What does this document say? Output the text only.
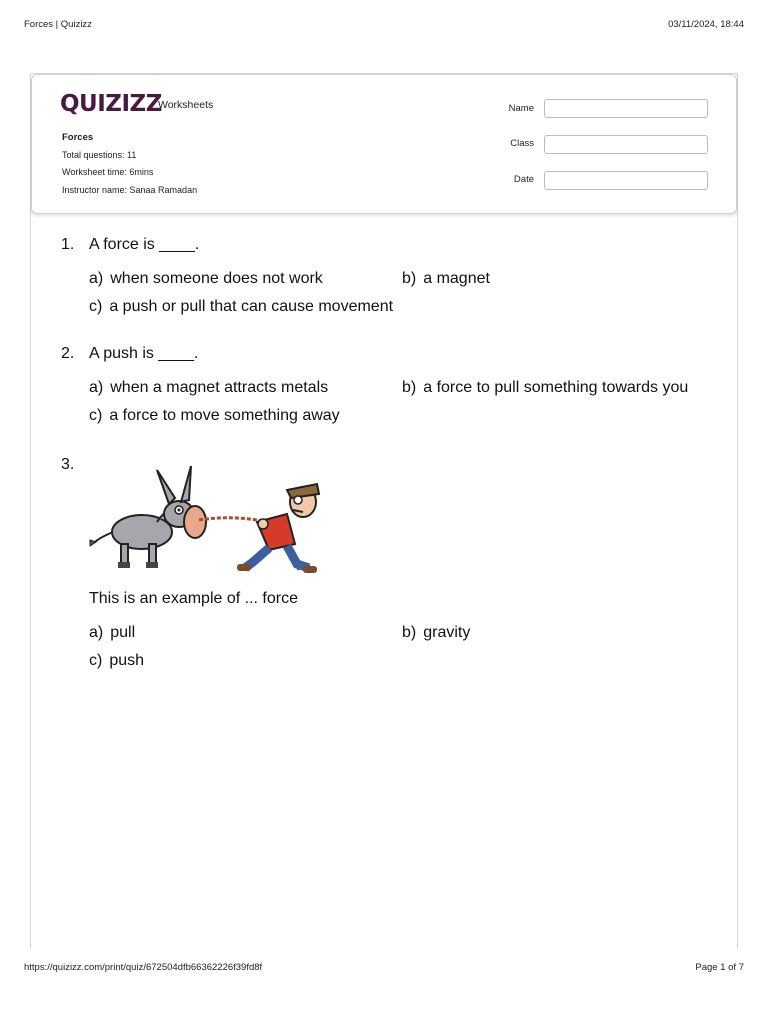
Forces | Quizizz	03/11/2024, 18:44
QUIZIZZ
Worksheets
Forces
Total questions: 11
Worksheet time: 6mins
Instructor name: Sanaa Ramadan
Name
Class
Date
1. A force is ____.
a) when someone does not work	b) a magnet
c) a push or pull that can cause movement
2. A push is ____.
a) when a magnet attracts metals	b) a force to pull something towards you
c) a force to move something away
3.
This is an example of ... force
a) pull	b) gravity
c) push
https://quizizz.com/print/quiz/672504dfb66362226f39fd8f	Page 1 of 7
